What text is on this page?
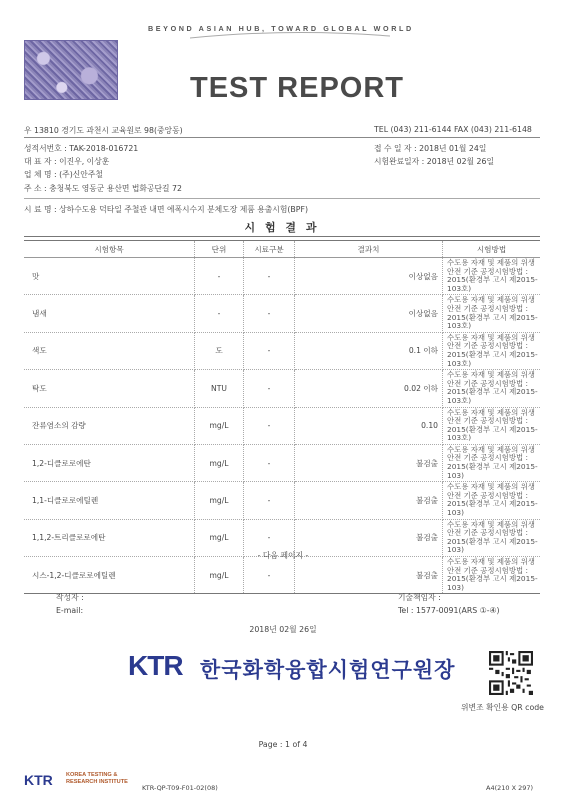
BEYOND ASIAN HUB, TOWARD GLOBAL WORLD
TEST REPORT
우 13810 경기도 과천시 교육원로 98(중앙동)	TEL (043) 211-6144 FAX (043) 211-6148
성적서번호 : TAK-2018-016721
대 표 자 : 이진우, 이상훈
업 체 명 : (주)신안주철
주 소 : 충청북도 영동군 용산면 법화공단길 72
접 수 일 자 : 2018년 01월 24일
시험완료일자 : 2018년 02월 26일
시 료 명 : 상하수도용 덕타일 주철관 내면 에폭시수지 분체도장 제품 용출시험(BPF)
시 험 결 과
시험항목	단위	시료구분	결과치	시험방법
맛	-	-	이상없음	수도용 자재 및 제품의 위생안전 기준 공정시험방법 : 2015(환경부 고시 제2015-103호)
냄새	-	-	이상없음	수도용 자재 및 제품의 위생안전 기준 공정시험방법 : 2015(환경부 고시 제2015-103호)
색도	도	-	0.1 이하	수도용 자재 및 제품의 위생안전 기준 공정시험방법 : 2015(환경부 고시 제2015-103호)
탁도	NTU	-	0.02 이하	수도용 자재 및 제품의 위생안전 기준 공정시험방법 : 2015(환경부 고시 제2015-103호)
잔류염소의 감량	mg/L	-	0.10	수도용 자재 및 제품의 위생안전 기준 공정시험방법 : 2015(환경부 고시 제2015-103호)
1,2-디클로로에탄	mg/L	-	불검출	수도용 자재 및 제품의 위생안전 기준 공정시험방법 : 2015(환경부 고시 제2015-103)
1,1-디클로로에틸렌	mg/L	-	불검출	수도용 자재 및 제품의 위생안전 기준 공정시험방법 : 2015(환경부 고시 제2015-103)
1,1,2-트리클로로에탄	mg/L	-	불검출	수도용 자재 및 제품의 위생안전 기준 공정시험방법 : 2015(환경부 고시 제2015-103)
시스-1,2-디클로로에틸렌	mg/L	-	불검출	수도용 자재 및 제품의 위생안전 기준 공정시험방법 : 2015(환경부 고시 제2015-103)
- 다음 페이지 -
작성자 :
E-mail:
기술책임자 :
Tel : 1577-0091(ARS ①-④)
2018년 02월 26일
KTR 한국화학융합시험연구원장
위변조 확인용 QR code
Page : 1 of 4
KTR KOREA TESTING &
RESEARCH INSTITUTE
KTR-QP-T09-F01-02(08)	A4(210 X 297)
